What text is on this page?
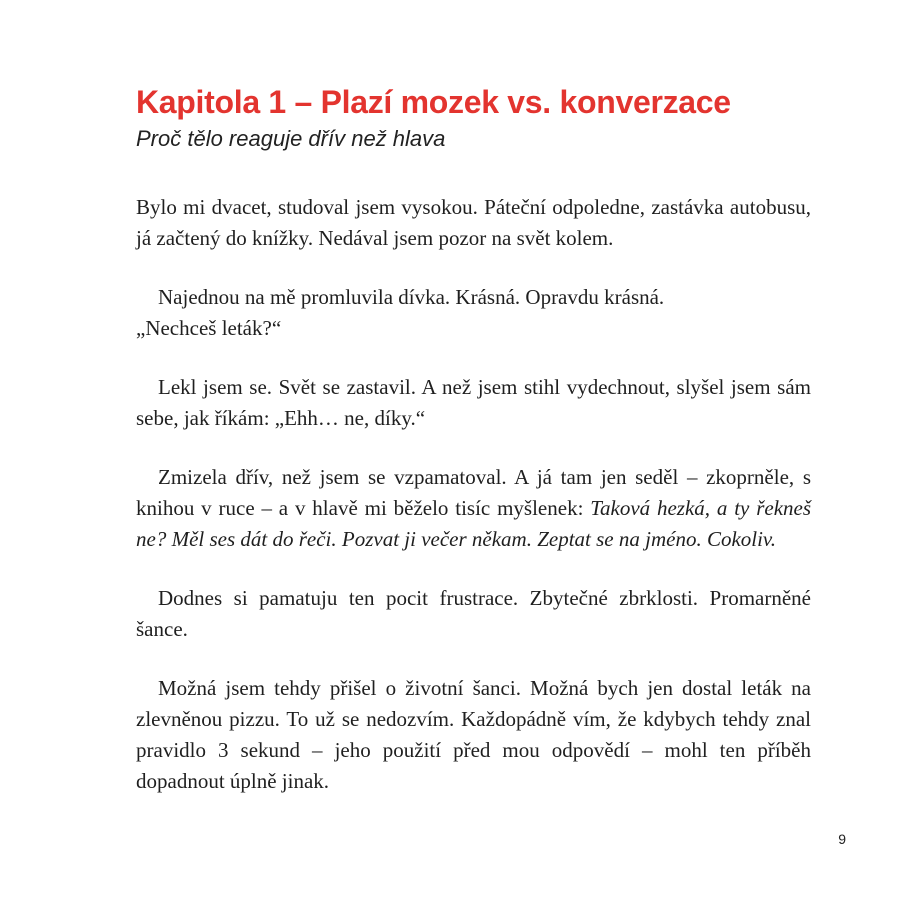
Kapitola 1 – Plazí mozek vs. konverzace

Proč tělo reaguje dřív než hlava

Bylo mi dvacet, studoval jsem vysokou. Páteční odpoledne, zastávka autobusu, já začtený do knížky. Nedával jsem pozor na svět kolem.

Najednou na mě promluvila dívka. Krásná. Opravdu krásná.
„Nechceš leták?“

Lekl jsem se. Svět se zastavil. A než jsem stihl vydechnout, slyšel jsem sám sebe, jak říkám: „Ehh… ne, díky.“

Zmizela dřív, než jsem se vzpamatoval. A já tam jen seděl – zkoprněle, s knihou v ruce – a v hlavě mi běželo tisíc myšlenek: Taková hezká, a ty řekneš ne? Měl ses dát do řeči. Pozvat ji večer někam. Zeptat se na jméno. Cokoliv.

Dodnes si pamatuju ten pocit frustrace. Zbytečné zbrklosti. Promarněné šance.

Možná jsem tehdy přišel o životní šanci. Možná bych jen dostal leták na zlevněnou pizzu. To už se nedozvím. Každopádně vím, že kdybych tehdy znal pravidlo 3 sekund – jeho použití před mou odpovědí – mohl ten příběh dopadnout úplně jinak.

9
